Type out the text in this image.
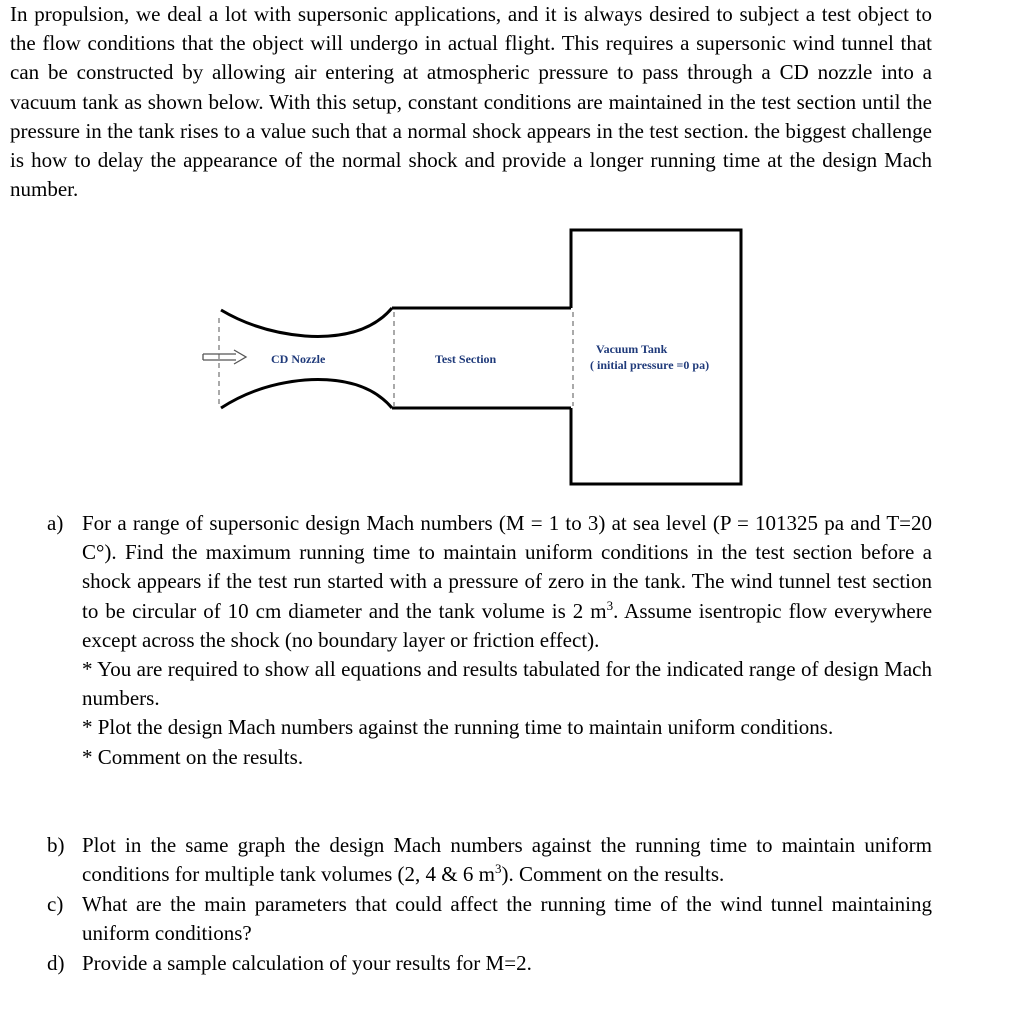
In propulsion, we deal a lot with supersonic applications, and it is always desired to subject a test object to the flow conditions that the object will undergo in actual flight. This requires a supersonic wind tunnel that can be constructed by allowing air entering at atmospheric pressure to pass through a CD nozzle into a vacuum tank as shown below. With this setup, constant conditions are maintained in the test section until the pressure in the tank rises to a value such that a normal shock appears in the test section. the biggest challenge is how to delay the appearance of the normal shock and provide a longer running time at the design Mach number.

CD Nozzle	Test Section
Vacuum Tank
( initial pressure =0 pa)
a) For a range of supersonic design Mach numbers (M = 1 to 3) at sea level (P = 101325 pa and T=20 C°). Find the maximum running time to maintain uniform conditions in the test section before a shock appears if the test run started with a pressure of zero in the tank. The wind tunnel test section to be circular of 10 cm diameter and the tank volume is 2 $m^3$. Assume isentropic flow everywhere except across the shock (no boundary layer or friction effect).

* You are required to show all equations and results tabulated for the indicated range of design Mach numbers.

* Plot the design Mach numbers against the running time to maintain uniform conditions.

* Comment on the results.

b) Plot in the same graph the design Mach numbers against the running time to maintain uniform conditions for multiple tank volumes (2, 4 & 6 $m^3$). Comment on the results.

c) What are the main parameters that could affect the running time of the wind tunnel maintaining uniform conditions?

d) Provide a sample calculation of your results for M=2.
